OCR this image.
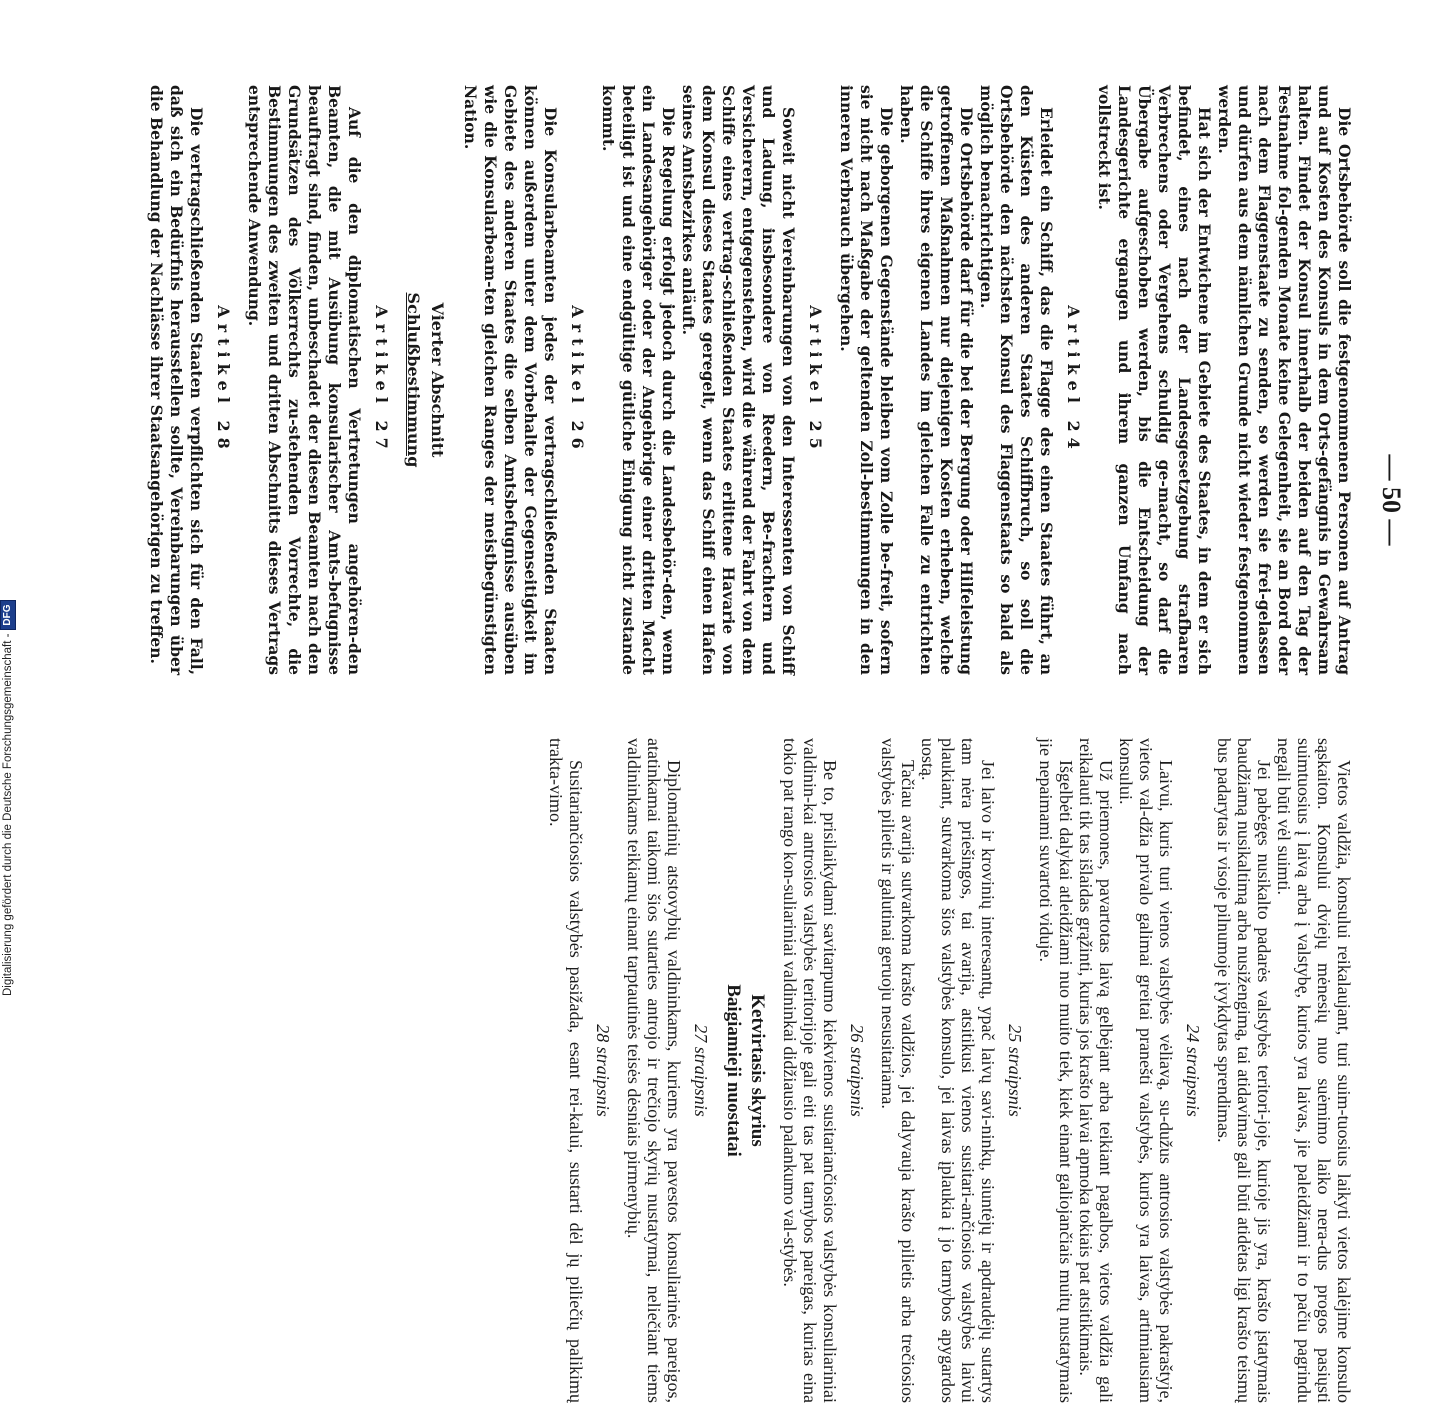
— 50 —

Die Ortsbehörde soll die festgenommenen Personen auf Antrag und auf Kosten des Konsuls in dem Orts-gefängnis in Gewahrsam halten. Findet der Konsul innerhalb der beiden auf den Tag der Festnahme fol-genden Monate keine Gelegenheit, sie an Bord oder nach dem Flaggenstaate zu senden, so werden sie frei-gelassen und dürfen aus dem nämlichen Grunde nicht wieder festgenommen werden.

Hat sich der Entwichene im Gebiete des Staates, in dem er sich befindet, eines nach der Landesgesetzgebung strafbaren Verbrechens oder Vergehens schuldig ge-macht, so darf die Übergabe aufgeschoben werden, bis die Entscheidung der Landesgerichte ergangen und ihrem ganzen Umfang nach vollstreckt ist.

Artikel 24

Erleidet ein Schiff, das die Flagge des einen Staates führt, an den Küsten des anderen Staates Schiffbruch, so soll die Ortsbehörde den nächsten Konsul des Flaggenstaats so bald als möglich benachrichtigen.

Die Ortsbehörde darf für die bei der Bergung oder Hilfeleistung getroffenen Maßnahmen nur diejenigen Kosten erheben, welche die Schiffe ihres eigenen Landes im gleichen Falle zu entrichten haben.

Die geborgenen Gegenstände bleiben vom Zolle be-freit, sofern sie nicht nach Maßgabe der geltenden Zoll-bestimmungen in den inneren Verbrauch übergehen.

Artikel 25

Soweit nicht Vereinbarungen von den Interessenten von Schiff und Ladung, insbesondere von Reedern, Be-frachtern und Versicherern, entgegenstehen, wird die während der Fahrt von dem Schiffe eines vertrag-schließenden Staates erlittene Havarie von dem Konsul dieses Staates geregelt, wenn das Schiff einen Hafen seines Amtsbezirkes anläuft.

Die Regelung erfolgt jedoch durch die Landesbehör-den, wenn ein Landesangehöriger oder der Angehörige einer dritten Macht beteiligt ist und eine endgültige gütliche Einigung nicht zustande kommt.

Artikel 26

Die Konsularbeamten jedes der vertragschließenden Staaten können außerdem unter dem Vorbehalte der Gegenseitigkeit im Gebiete des anderen Staates die selben Amtsbefugnisse ausüben wie die Konsularbeam-ten gleichen Ranges der meistbegünstigten Nation.

Vierter Abschnitt
Schlußbestimmung
Artikel 27

Auf die den diplomatischen Vertretungen angehören-den Beamten, die mit Ausübung konsularischer Amts-befugnisse beauftragt sind, finden, unbeschadet der diesen Beamten nach den Grundsätzen des Völkerrechts zu-stehenden Vorrechte, die Bestimmungen des zweiten und dritten Abschnitts dieses Vertrags entsprechende Anwendung.

Artikel 28

Die vertragschließenden Staaten verpflichten sich für den Fall, daß sich ein Bedürfnis herausstellen sollte, Vereinbarungen über die Behandlung der Nachlässe ihrer Staatsangehörigen zu treffen.

Vietos valdžia, konsului reikalaujant, turi suim-tuosius laikyti vietos kalėjime konsulo sąskaiton. Konsului dviejų mėnesių nuo suėmimo laiko nera-dus progos pasiųsti suimtuosius į laivą arba į valstybę, kurios yra laivas, jie paleidžiami ir to pačiu pagrindu negali būti vėl suimti.

Jei pabėgęs nusikalto padarės valstybės teritori-joje, kurioje jis yra, krašto įstatymais baudžiamą nusikaltimą arba nusižengimą, tai atidavimas gali būti atidėtas ligi krašto teismų bus padarytas ir visoje pilnumoje įvykdytas sprendimas.

24 straipsnis

Laivui, kuris turi vienos valstybės vėliavą, su-dužus antrosios valstybės pakraštyje, vietos val-džia privalo galimai greitai pranešti valstybės, kurios yra laivas, artimiausiam konsului.

Už priemones, pavartotas laivą gelbėjant arba teikiant pagalbos, vietos valdžia gali reikalauti tik tas išlaidas grąžinti, kurias jos krašto laivai apmoka tokiais pat atsitikimais.

Išgelbėti dalykai atleidžiami nuo muito tiek, kiek einant galiojančiais muitų nustatymais jie nepaimami suvartoti viduje.

25 straipsnis

Jei laivo ir krovinių interesantų, ypač laivų savi-ninkų, siuntėjų ir apdraudėjų sutartys tam nėra priešingos, tai avarija, atsitikusi vienos susitari-ančiosios valstybės laivui plaukiant, sutvarkoma šios valstybės konsulo, jei laivas įplaukia į jo tarnybos apygardos uostą.

Tačiau avarija sutvarkoma krašto valdžios, jei dalyvauja krašto pilietis arba trečiosios valstybės pilietis ir galutinai geruoju nesusitariama.

26 straipsnis

Be to, prisilaikydami savitarpumo kiekvienos susitariančiosios valstybės konsuliariniai valdinin-kai antrosios valstybės teritorijoje gali eiti tas pat tarnybos pareigas, kurias eina tokio pat rango kon-suliariniai valdininkai didžiausio palankumo val-stybės.

Ketvirtasis skyrius
Baigiamieji nuostatai
27 straipsnis

Diplomatinių atstovybių valdininkams, kuriems yra pavestos konsuliarinės pareigos, atatinkamai taikomi šios sutarties antrojo ir trečiojo skyrių nustatymai, neliečiant tiems valdininkams teikiamų einant tarptautinės teisės dėsniais pirmenybių.

28 straipsnis

Susitariančiosios valstybės pasižada, esant rei-kalui, sustarti dėl jų piliečių palikimų trakta-vimo.

Digitalisierung gefördert durch die Deutsche Forschungsgemeinschaft -
DFG
